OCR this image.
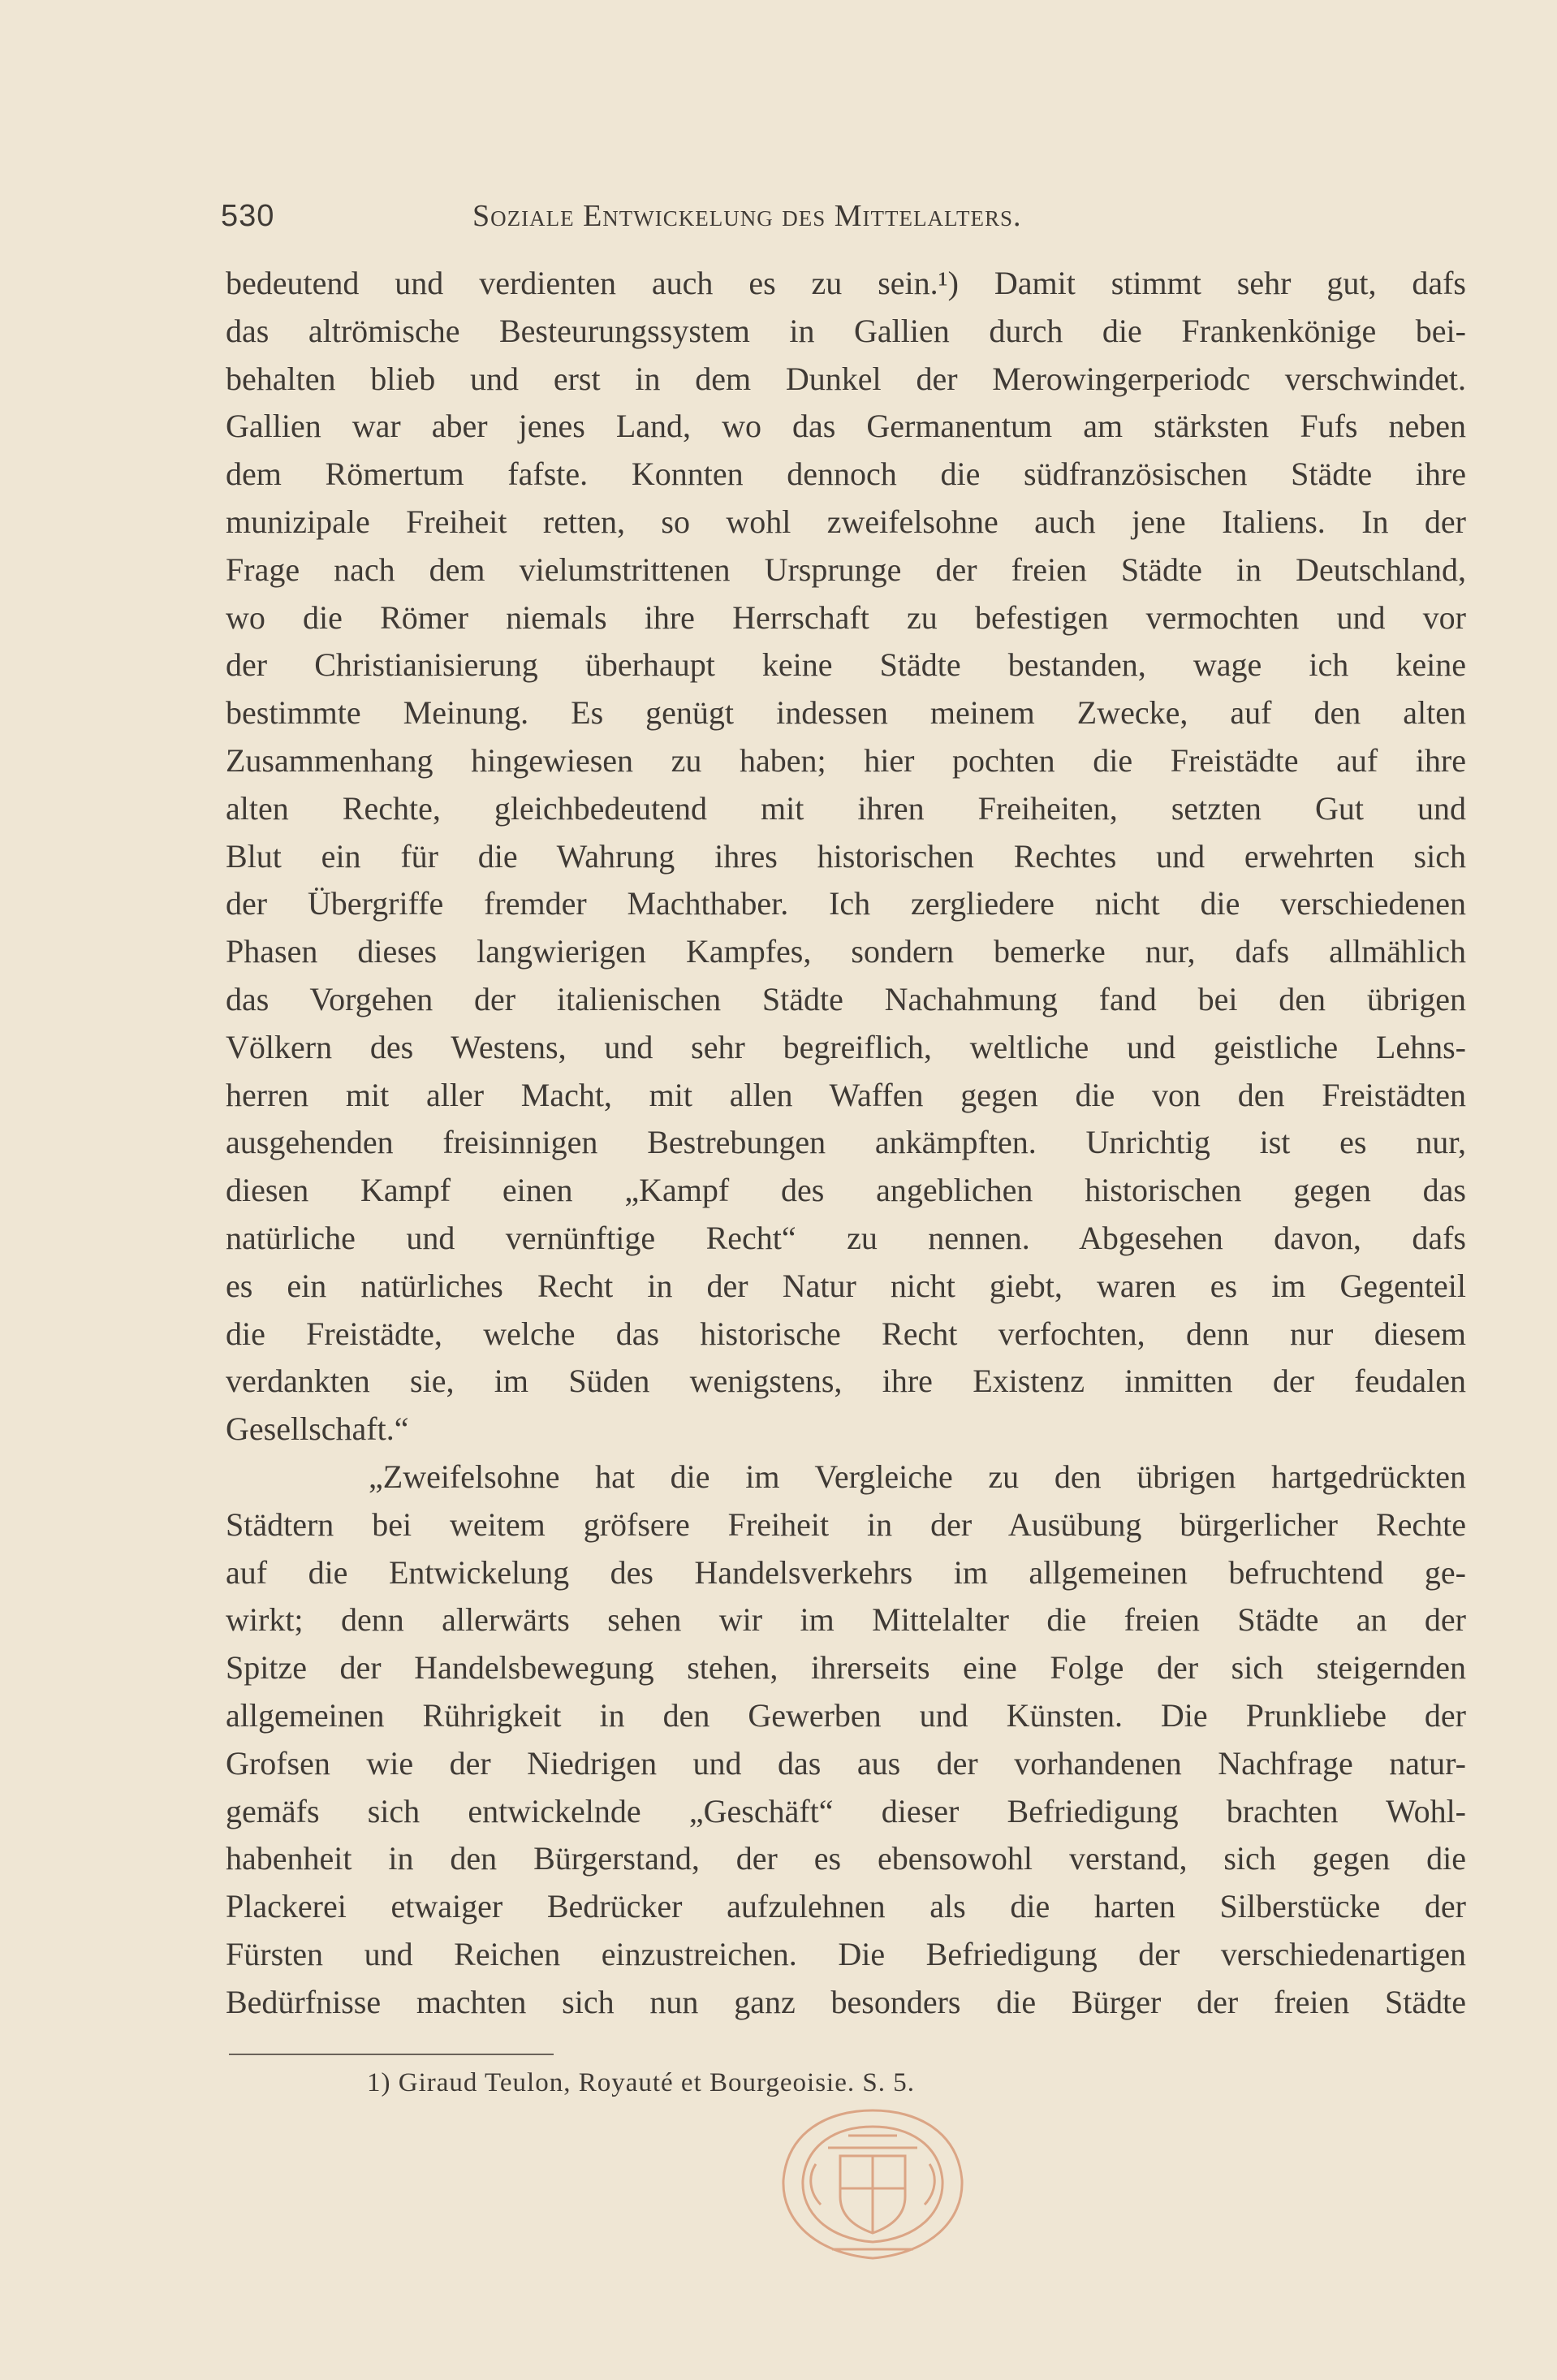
530	Soziale Entwickelung des Mittelalters.
bedeutend und verdienten auch es zu sein.¹) Damit stimmt sehr gut, dafs
das altrömische Besteurungssystem in Gallien durch die Frankenkönige bei-
behalten blieb und erst in dem Dunkel der Merowingerperiodc verschwindet.
Gallien war aber jenes Land, wo das Germanentum am stärksten Fufs neben
dem Römertum fafste. Konnten dennoch die südfranzösischen Städte ihre
munizipale Freiheit retten, so wohl zweifelsohne auch jene Italiens. In der
Frage nach dem vielumstrittenen Ursprunge der freien Städte in Deutschland,
wo die Römer niemals ihre Herrschaft zu befestigen vermochten und vor
der Christianisierung überhaupt keine Städte bestanden, wage ich keine
bestimmte Meinung. Es genügt indessen meinem Zwecke, auf den alten
Zusammenhang hingewiesen zu haben; hier pochten die Freistädte auf ihre
alten Rechte, gleichbedeutend mit ihren Freiheiten, setzten Gut und
Blut ein für die Wahrung ihres historischen Rechtes und erwehrten sich
der Übergriffe fremder Machthaber. Ich zergliedere nicht die verschiedenen
Phasen dieses langwierigen Kampfes, sondern bemerke nur, dafs allmählich
das Vorgehen der italienischen Städte Nachahmung fand bei den übrigen
Völkern des Westens, und sehr begreiflich, weltliche und geistliche Lehns-
herren mit aller Macht, mit allen Waffen gegen die von den Freistädten
ausgehenden freisinnigen Bestrebungen ankämpften. Unrichtig ist es nur,
diesen Kampf einen „Kampf des angeblichen historischen gegen das
natürliche und vernünftige Recht“ zu nennen. Abgesehen davon, dafs
es ein natürliches Recht in der Natur nicht giebt, waren es im Gegenteil
die Freistädte, welche das historische Recht verfochten, denn nur diesem
verdankten sie, im Süden wenigstens, ihre Existenz inmitten der feudalen
Gesellschaft.“
„Zweifelsohne hat die im Vergleiche zu den übrigen hartgedrückten
Städtern bei weitem gröfsere Freiheit in der Ausübung bürgerlicher Rechte
auf die Entwickelung des Handelsverkehrs im allgemeinen befruchtend ge-
wirkt; denn allerwärts sehen wir im Mittelalter die freien Städte an der
Spitze der Handelsbewegung stehen, ihrerseits eine Folge der sich steigernden
allgemeinen Rührigkeit in den Gewerben und Künsten. Die Prunkliebe der
Grofsen wie der Niedrigen und das aus der vorhandenen Nachfrage natur-
gemäfs sich entwickelnde „Geschäft“ dieser Befriedigung brachten Wohl-
habenheit in den Bürgerstand, der es ebensowohl verstand, sich gegen die
Plackerei etwaiger Bedrücker aufzulehnen als die harten Silberstücke der
Fürsten und Reichen einzustreichen. Die Befriedigung der verschiedenartigen
Bedürfnisse machten sich nun ganz besonders die Bürger der freien Städte
1) Giraud Teulon, Royauté et Bourgeoisie. S. 5.
